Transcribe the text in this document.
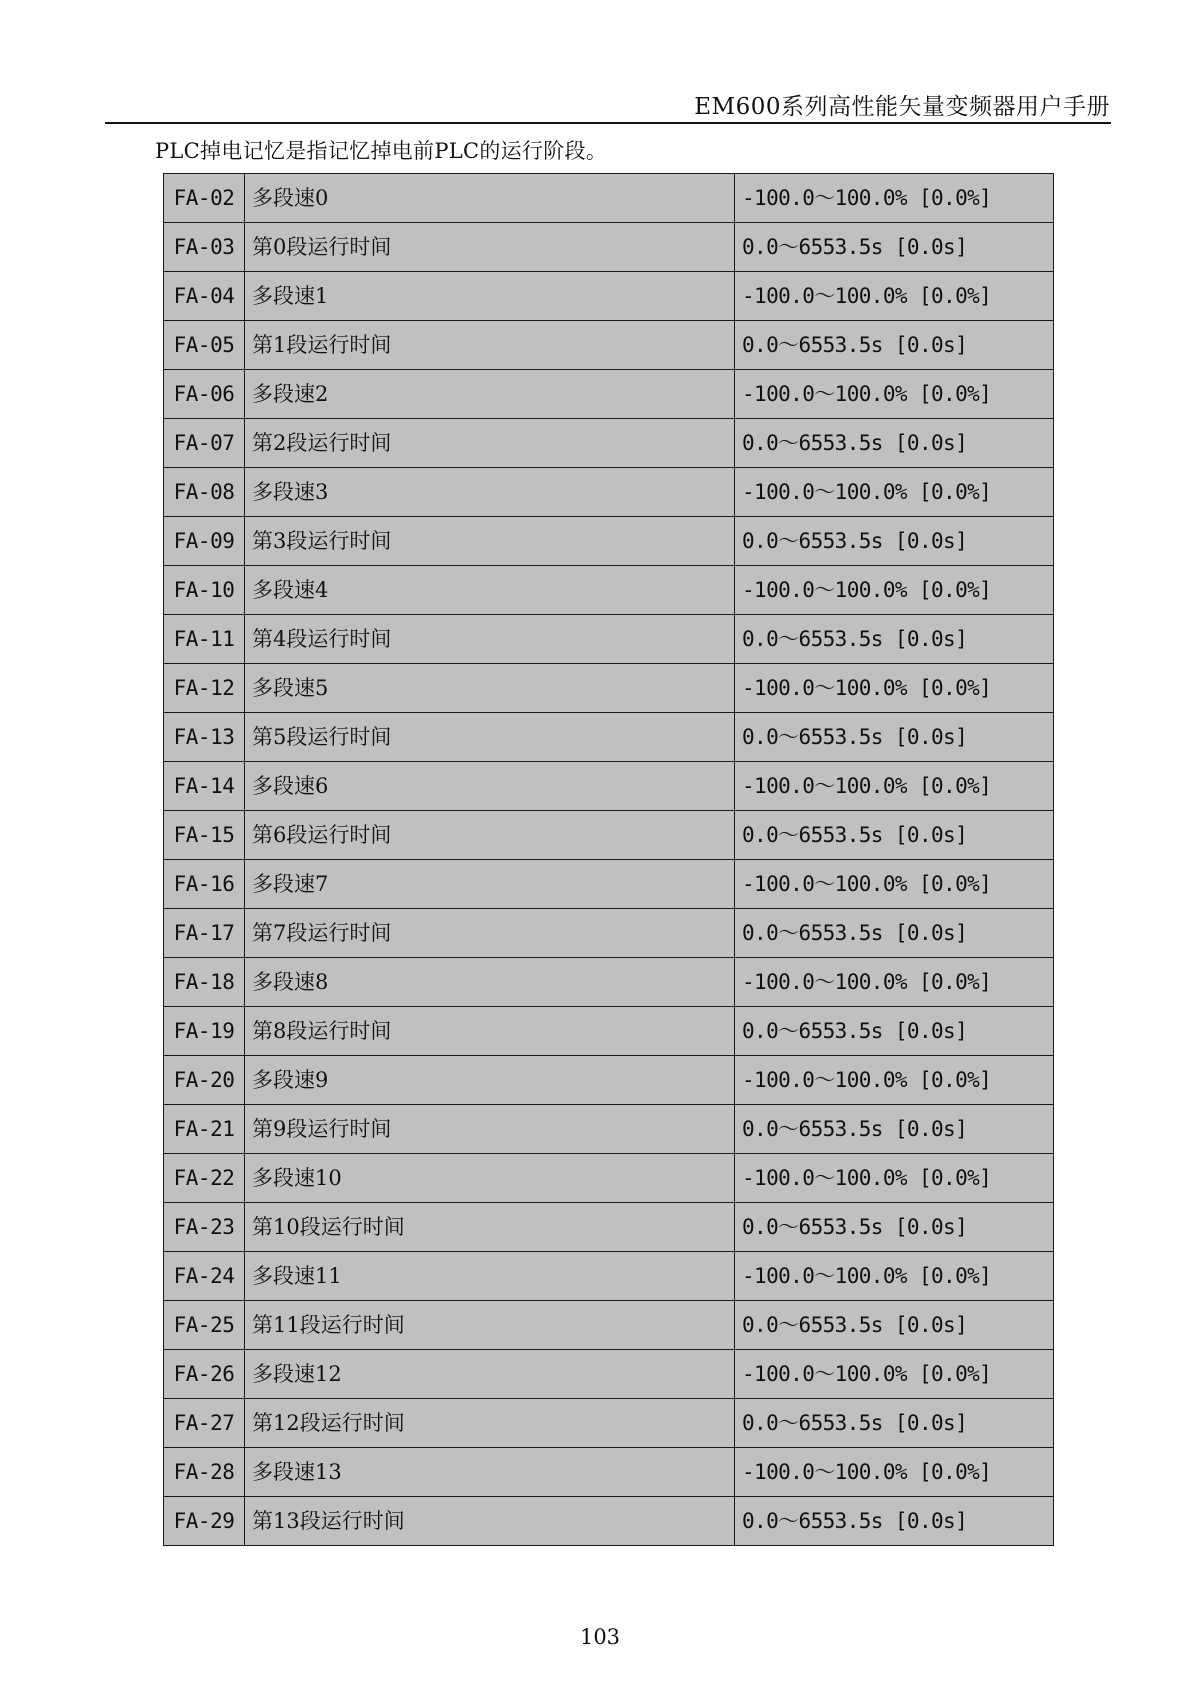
EM600系列高性能矢量变频器用户手册
PLC掉电记忆是指记忆掉电前PLC的运行阶段。
FA-02	多段速0	-100.0～100.0% [0.0%]
FA-03	第0段运行时间	0.0～6553.5s [0.0s]
FA-04	多段速1	-100.0～100.0% [0.0%]
FA-05	第1段运行时间	0.0～6553.5s [0.0s]
FA-06	多段速2	-100.0～100.0% [0.0%]
FA-07	第2段运行时间	0.0～6553.5s [0.0s]
FA-08	多段速3	-100.0～100.0% [0.0%]
FA-09	第3段运行时间	0.0～6553.5s [0.0s]
FA-10	多段速4	-100.0～100.0% [0.0%]
FA-11	第4段运行时间	0.0～6553.5s [0.0s]
FA-12	多段速5	-100.0～100.0% [0.0%]
FA-13	第5段运行时间	0.0～6553.5s [0.0s]
FA-14	多段速6	-100.0～100.0% [0.0%]
FA-15	第6段运行时间	0.0～6553.5s [0.0s]
FA-16	多段速7	-100.0～100.0% [0.0%]
FA-17	第7段运行时间	0.0～6553.5s [0.0s]
FA-18	多段速8	-100.0～100.0% [0.0%]
FA-19	第8段运行时间	0.0～6553.5s [0.0s]
FA-20	多段速9	-100.0～100.0% [0.0%]
FA-21	第9段运行时间	0.0～6553.5s [0.0s]
FA-22	多段速10	-100.0～100.0% [0.0%]
FA-23	第10段运行时间	0.0～6553.5s [0.0s]
FA-24	多段速11	-100.0～100.0% [0.0%]
FA-25	第11段运行时间	0.0～6553.5s [0.0s]
FA-26	多段速12	-100.0～100.0% [0.0%]
FA-27	第12段运行时间	0.0～6553.5s [0.0s]
FA-28	多段速13	-100.0～100.0% [0.0%]
FA-29	第13段运行时间	0.0～6553.5s [0.0s]
103
